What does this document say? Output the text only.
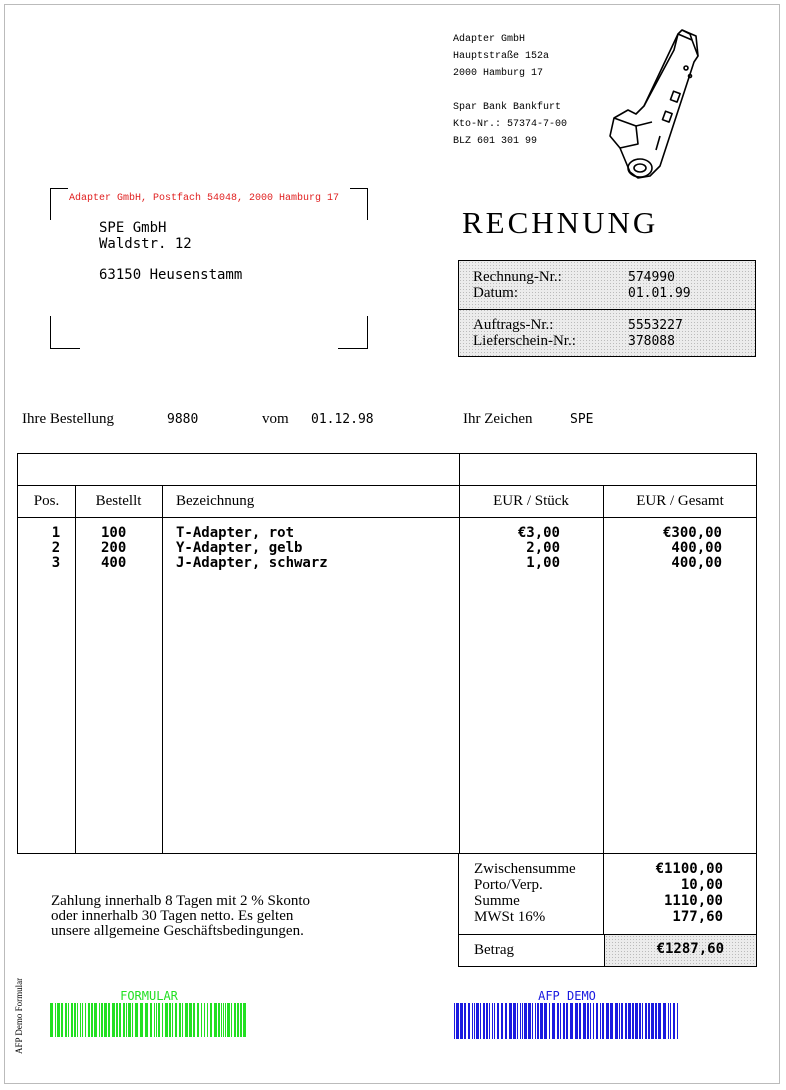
Adapter GmbH
Hauptstraße 152a
2000 Hamburg 17

Spar Bank Bankfurt
Kto-Nr.: 57374-7-00
BLZ 601 301 99
Adapter GmbH, Postfach 54048, 2000 Hamburg 17
SPE GmbH
Waldstr. 12
63150 Heusenstamm
RECHNUNG
Rechnung-Nr.:	574990
Datum:	01.01.99
Auftrags-Nr.:	5553227
Lieferschein-Nr.:	378088
Ihre Bestellung	9880	vom 01.12.98	Ihr Zeichen	SPE
Pos.	Bestellt	Bezeichnung	EUR / Stück	EUR / Gesamt
1	100	T-Adapter, rot	€3,00	€300,00
2	200	Y-Adapter, gelb	2,00	400,00
3	400	J-Adapter, schwarz	1,00	400,00
Zwischensumme	€1100,00
Porto/Verp.	10,00
Summe	1110,00
MWSt 16%	177,60
Betrag	€1287,60
Zahlung innerhalb 8 Tagen mit 2 % Skonto
oder innerhalb 30 Tagen netto. Es gelten
unsere allgemeine Geschäftsbedingungen.
AFP Demo Formular	FORMULAR	AFP DEMO
